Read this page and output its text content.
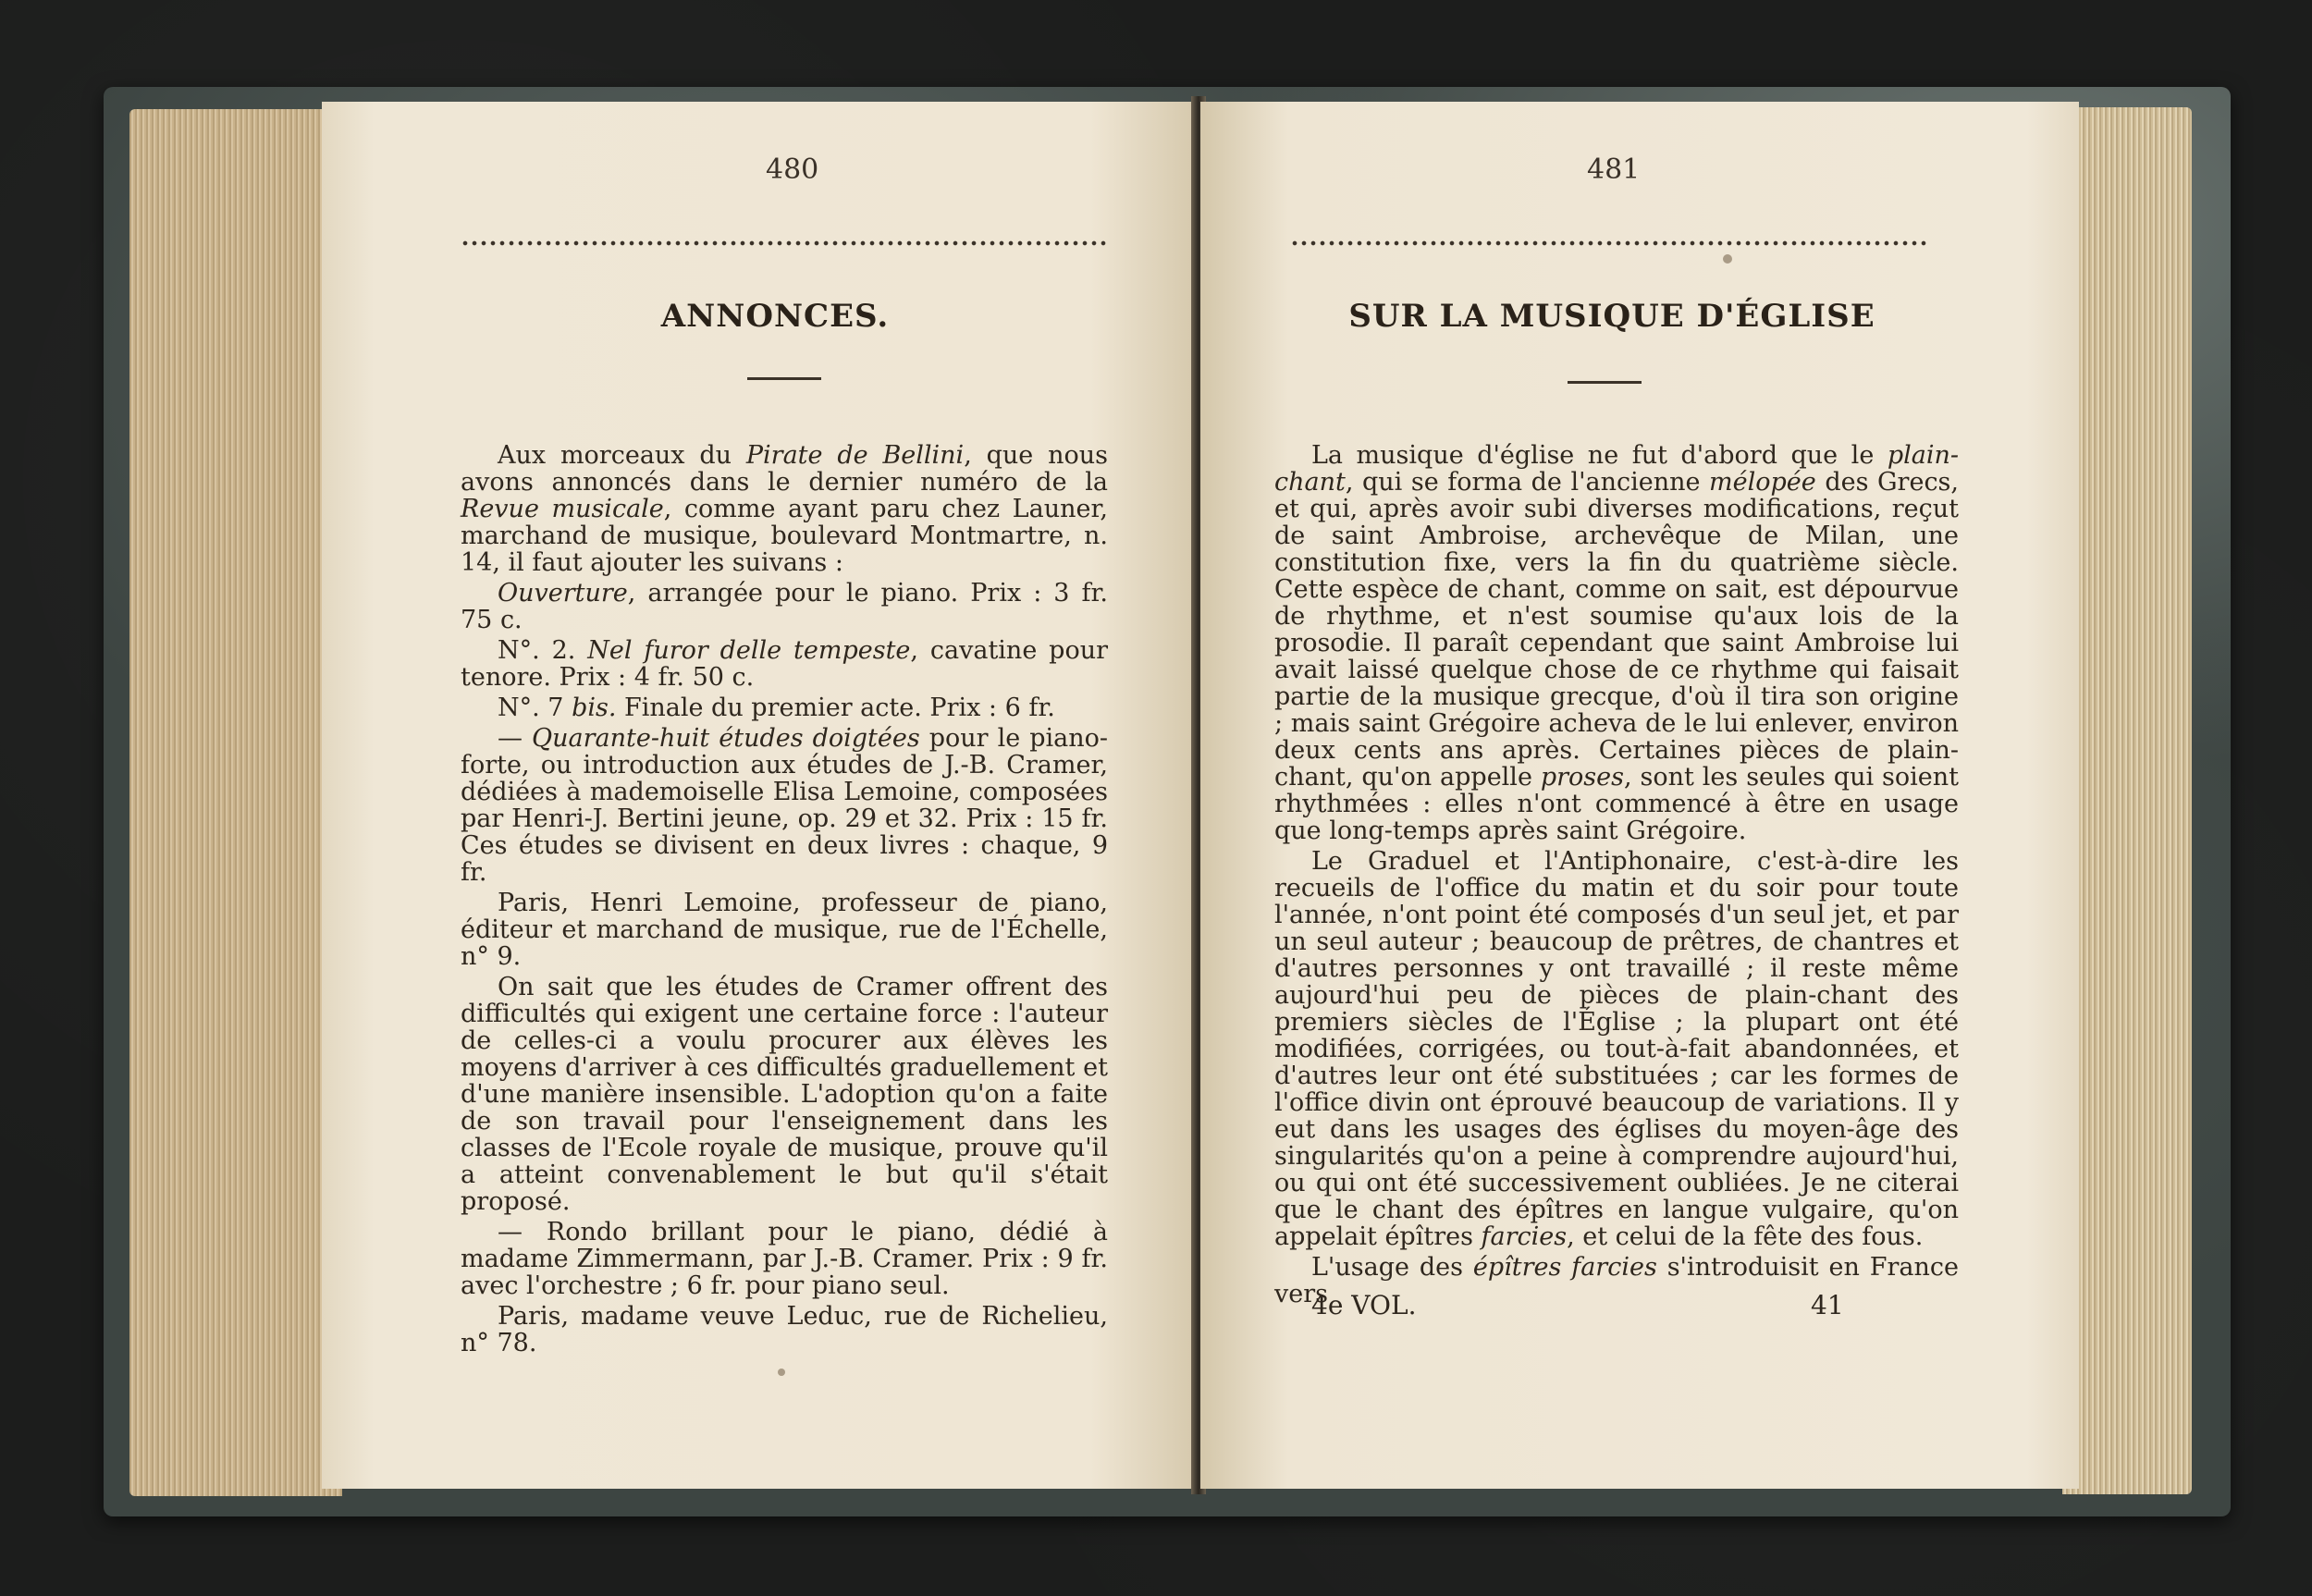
480
ANNONCES.

Aux morceaux du Pirate de Bellini, que nous avons annoncés dans le dernier numéro de la Revue musicale, comme ayant paru chez Launer, marchand de musique, boulevard Montmartre, n. 14, il faut ajouter les suivans :

Ouverture, arrangée pour le piano. Prix : 3 fr. 75 c.

N°. 2. Nel furor delle tempeste, cavatine pour tenore. Prix : 4 fr. 50 c.

N°. 7 bis. Finale du premier acte. Prix : 6 fr.

— Quarante-huit études doigtées pour le piano-forte, ou introduction aux études de J.-B. Cramer, dédiées à mademoiselle Elisa Lemoine, composées par Henri-J. Bertini jeune, op. 29 et 32. Prix : 15 fr. Ces études se divisent en deux livres : chaque, 9 fr.

Paris, Henri Lemoine, professeur de piano, éditeur et marchand de musique, rue de l'Échelle, n° 9.

On sait que les études de Cramer offrent des difficultés qui exigent une certaine force : l'auteur de celles-ci a voulu procurer aux élèves les moyens d'arriver à ces difficultés graduellement et d'une manière insensible. L'adoption qu'on a faite de son travail pour l'enseignement dans les classes de l'Ecole royale de musique, prouve qu'il a atteint convenablement le but qu'il s'était proposé.

— Rondo brillant pour le piano, dédié à madame Zimmermann, par J.-B. Cramer. Prix : 9 fr. avec l'orchestre ; 6 fr. pour piano seul.

Paris, madame veuve Leduc, rue de Richelieu, n° 78.

481
SUR LA MUSIQUE D'ÉGLISE

La musique d'église ne fut d'abord que le plain-chant, qui se forma de l'ancienne mélopée des Grecs, et qui, après avoir subi diverses modifications, reçut de saint Ambroise, archevêque de Milan, une constitution fixe, vers la fin du quatrième siècle. Cette espèce de chant, comme on sait, est dépourvue de rhythme, et n'est soumise qu'aux lois de la prosodie. Il paraît cependant que saint Ambroise lui avait laissé quelque chose de ce rhythme qui faisait partie de la musique grecque, d'où il tira son origine ; mais saint Grégoire acheva de le lui enlever, environ deux cents ans après. Certaines pièces de plain-chant, qu'on appelle proses, sont les seules qui soient rhythmées : elles n'ont commencé à être en usage que long-temps après saint Grégoire.

Le Graduel et l'Antiphonaire, c'est-à-dire les recueils de l'office du matin et du soir pour toute l'année, n'ont point été composés d'un seul jet, et par un seul auteur ; beaucoup de prêtres, de chantres et d'autres personnes y ont travaillé ; il reste même aujourd'hui peu de pièces de plain-chant des premiers siècles de l'Église ; la plupart ont été modifiées, corrigées, ou tout-à-fait abandonnées, et d'autres leur ont été substituées ; car les formes de l'office divin ont éprouvé beaucoup de variations. Il y eut dans les usages des églises du moyen-âge des singularités qu'on a peine à comprendre aujourd'hui, ou qui ont été successivement oubliées. Je ne citerai que le chant des épîtres en langue vulgaire, qu'on appelait épîtres farcies, et celui de la fête des fous.

L'usage des épîtres farcies s'introduisit en France vers

4e VOL.	41
